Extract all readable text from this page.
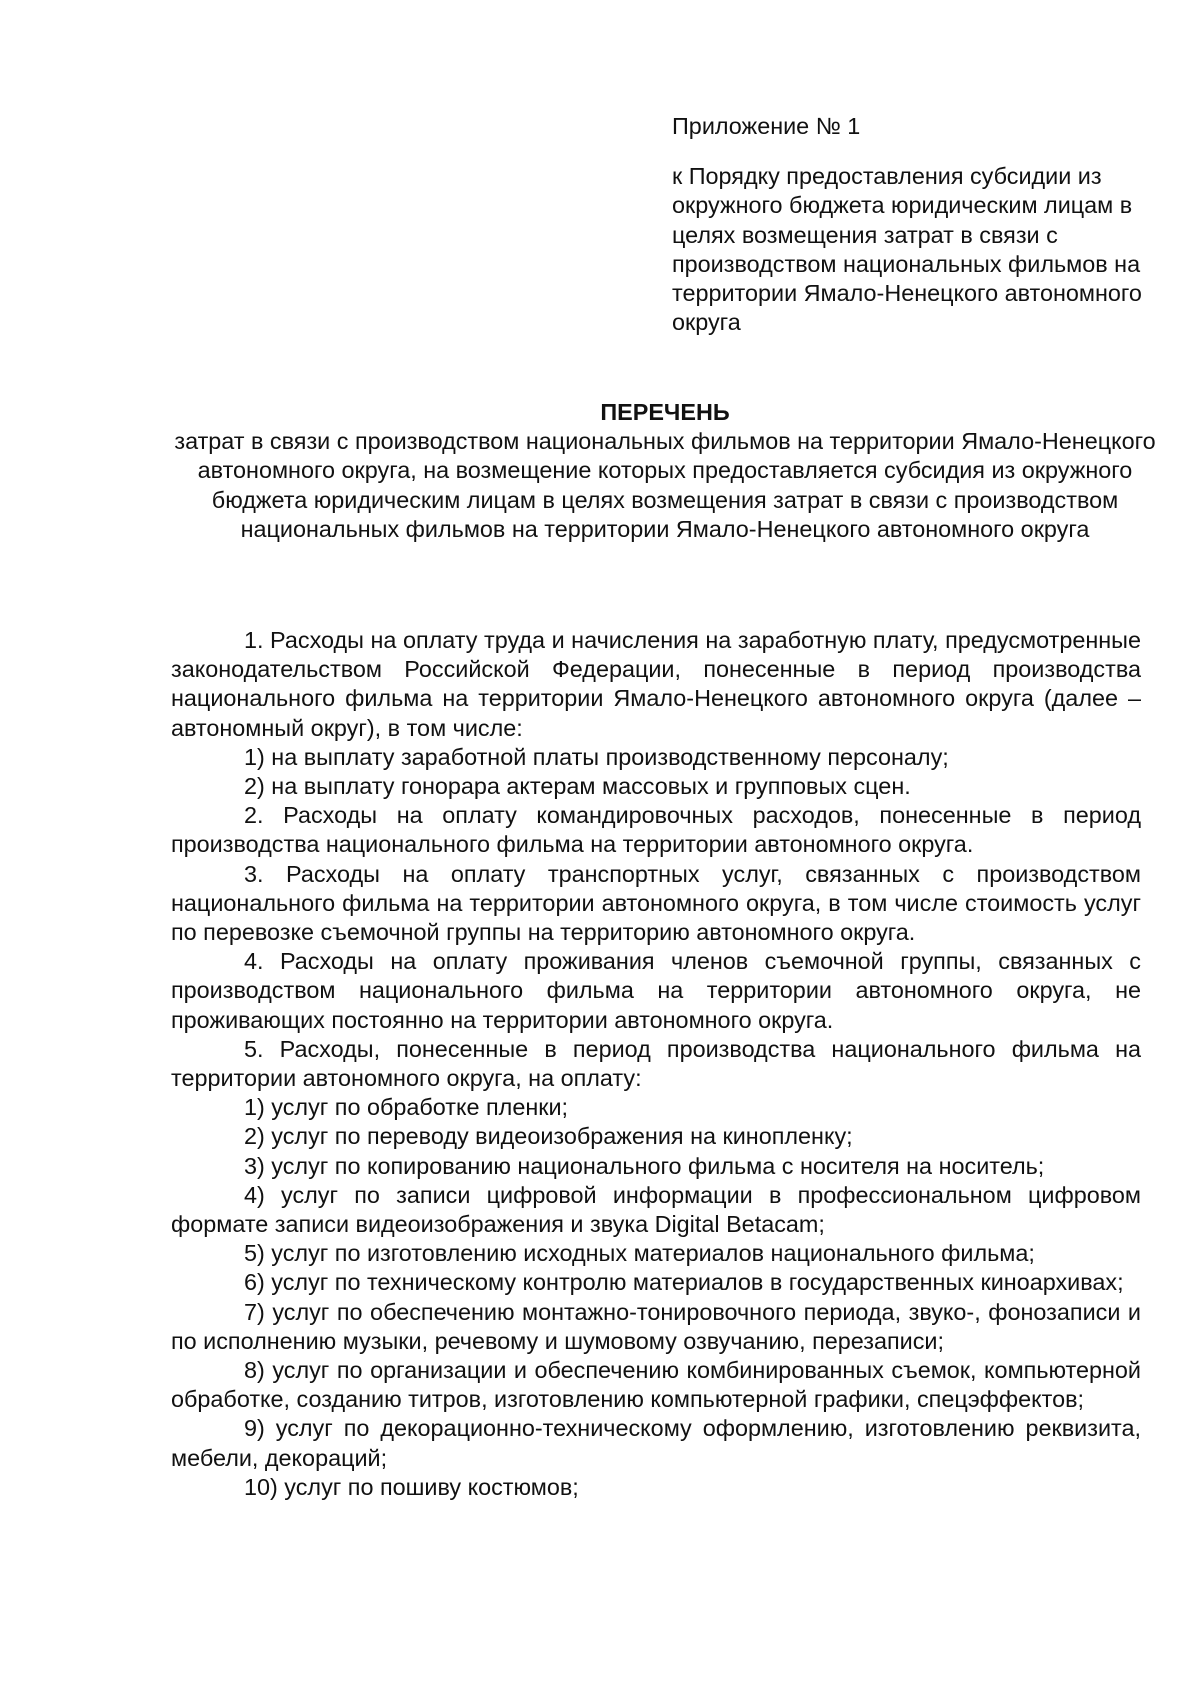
Приложение № 1

к Порядку предоставления субсидии из окружного бюджета юридическим лицам в целях возмещения затрат в связи с производством национальных фильмов на территории Ямало-Ненецкого автономного округа

ПЕРЕЧЕНЬ

затрат в связи с производством национальных фильмов на территории Ямало-Ненецкого автономного округа, на возмещение которых предоставляется субсидия из окружного бюджета юридическим лицам в целях возмещения затрат в связи с производством национальных фильмов на территории Ямало-Ненецкого автономного округа

1. Расходы на оплату труда и начисления на заработную плату, предусмотренные законодательством Российской Федерации, понесенные в период производства национального фильма на территории Ямало-Ненецкого автономного округа (далее – автономный округ), в том числе:

1) на выплату заработной платы производственному персоналу;

2) на выплату гонорара актерам массовых и групповых сцен.

2. Расходы на оплату командировочных расходов, понесенные в период производства национального фильма на территории автономного округа.

3. Расходы на оплату транспортных услуг, связанных с производством национального фильма на территории автономного округа, в том числе стоимость услуг по перевозке съемочной группы на территорию автономного округа.

4. Расходы на оплату проживания членов съемочной группы, связанных с производством национального фильма на территории автономного округа, не проживающих постоянно на территории автономного округа.

5. Расходы, понесенные в период производства национального фильма на территории автономного округа, на оплату:

1) услуг по обработке пленки;

2) услуг по переводу видеоизображения на кинопленку;

3) услуг по копированию национального фильма с носителя на носитель;

4) услуг по записи цифровой информации в профессиональном цифровом формате записи видеоизображения и звука Digital Betacam;

5) услуг по изготовлению исходных материалов национального фильма;

6) услуг по техническому контролю материалов в государственных киноархивах;

7) услуг по обеспечению монтажно-тонировочного периода, звуко-, фонозаписи и по исполнению музыки, речевому и шумовому озвучанию, перезаписи;

8) услуг по организации и обеспечению комбинированных съемок, компьютерной обработке, созданию титров, изготовлению компьютерной графики, спецэффектов;

9) услуг по декорационно-техническому оформлению, изготовлению реквизита, мебели, декораций;

10) услуг по пошиву костюмов;
